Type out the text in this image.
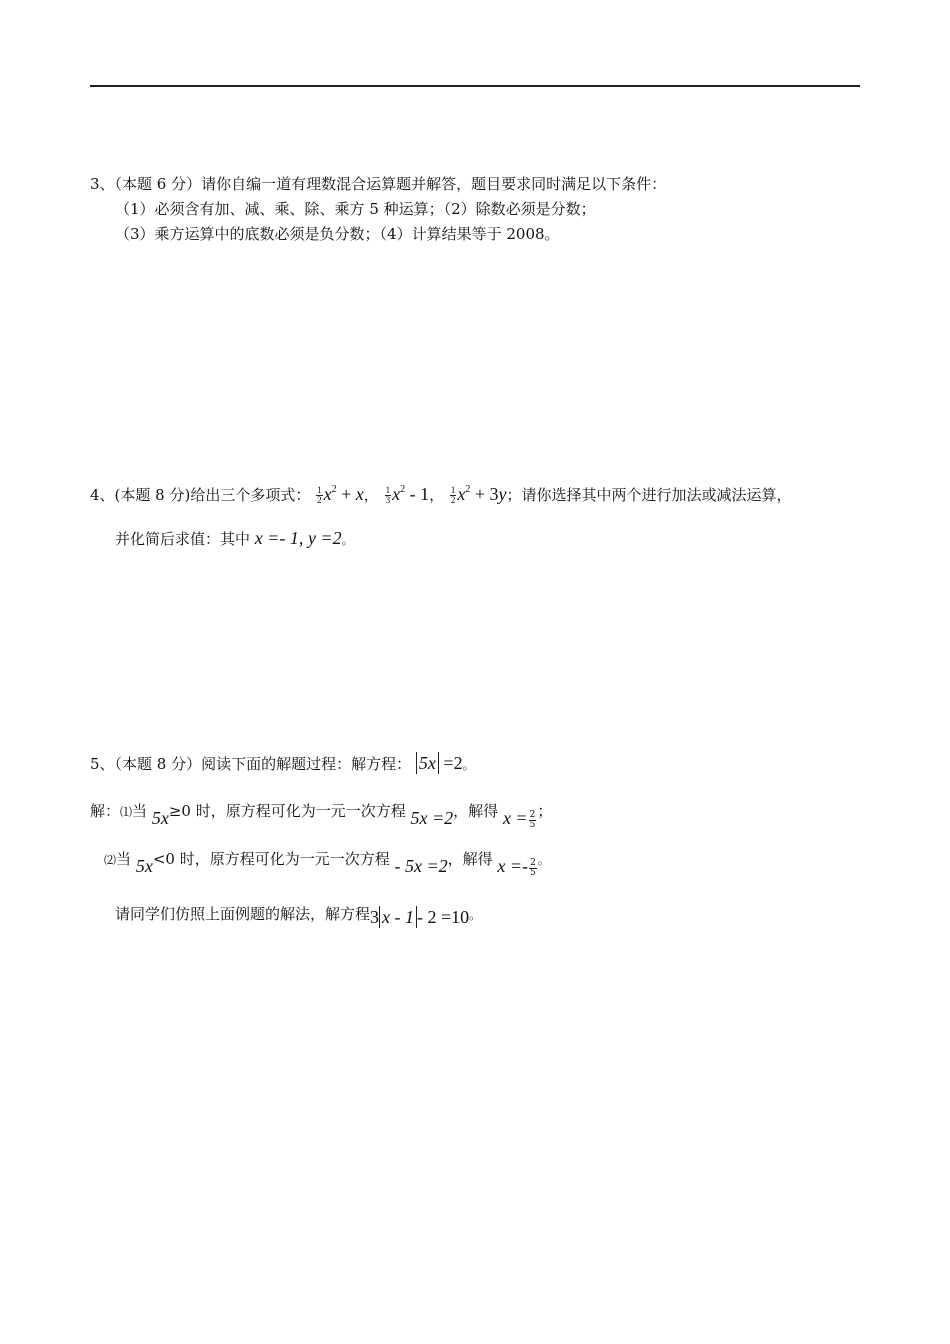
3、（本题 6 分）请你自编一道有理数混合运算题并解答，题目要求同时满足以下条件：
（1）必须含有加、减、乘、除、乘方 5 种运算；（2）除数必须是分数；
（3）乘方运算中的底数必须是负分数；（4）计算结果等于 2008。
4、(本题 8 分)给出三个多项式： $\frac{1}{2} x^2 + x$， $\frac{1}{3} x^2 - 1$， $\frac{1}{2} x^2 + 3y$；请你选择其中两个进行加法或减法运算，
并化简后求值：其中 x =- 1, y =2。
5、（本题 8 分）阅读下面的解题过程：解方程： 5x =2。
解：⑴当 5x≥0 时，原方程可化为一元一次方程 5x =2，解得 $x = \frac{2}{5}$ ；
⑵当 5x<0 时，原方程可化为一元一次方程 - 5x =2，解得 $x =- \frac{2}{5}$ 。
请同学们仿照上面例题的解法，解方程3 x - 1 - 2 =10。
